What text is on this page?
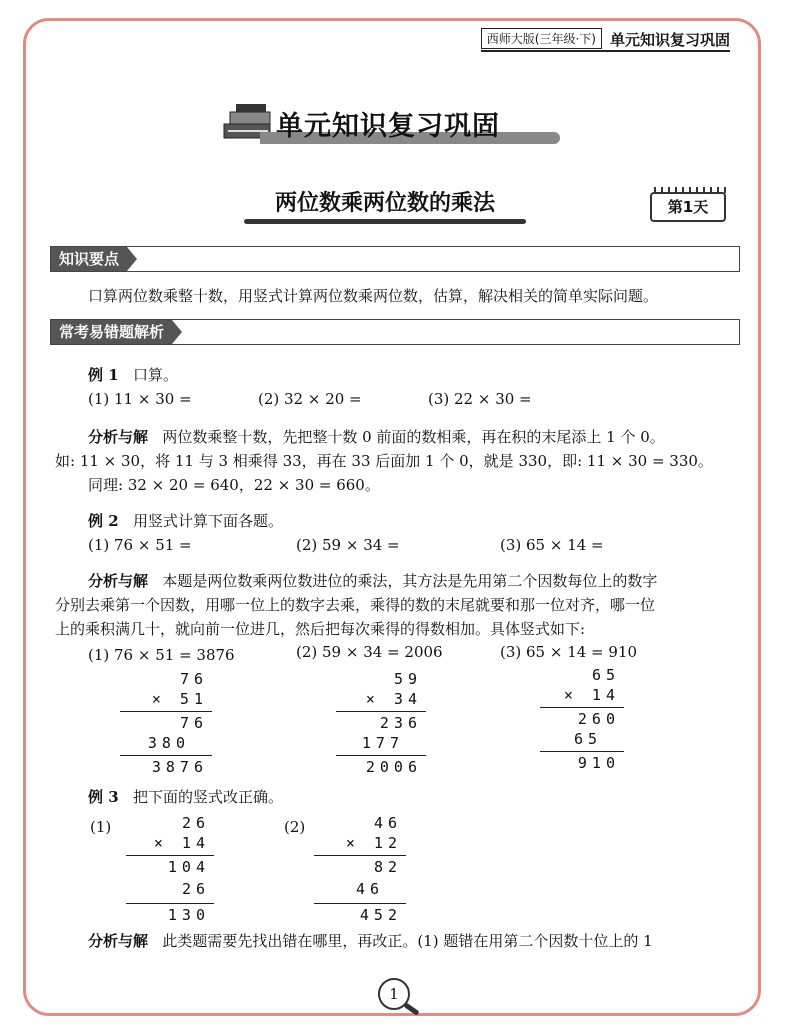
西师大版(三年级·下) 单元知识复习巩固
单元知识复习巩固
两位数乘两位数的乘法	第1天
知识要点
口算两位数乘整十数，用竖式计算两位数乘两位数，估算，解决相关的简单实际问题。
常考易错题解析
例 1 口算。
(1) 11 × 30 =	(2) 32 × 20 =	(3) 22 × 30 =
分析与解 两位数乘整十数，先把整十数 0 前面的数相乘，再在积的末尾添上 1 个 0。
如: 11 × 30，将 11 与 3 相乘得 33，再在 33 后面加 1 个 0，就是 330，即: 11 × 30 = 330。
同理: 32 × 20 = 640，22 × 30 = 660。
例 2 用竖式计算下面各题。
(1) 76 × 51 =	(2) 59 × 34 =	(3) 65 × 14 =
分析与解 本题是两位数乘两位数进位的乘法，其方法是先用第二个因数每位上的数字
分别去乘第一个因数，用哪一位上的数字去乘，乘得的数的末尾就要和那一位对齐，哪一位
上的乘积满几十，就向前一位进几，然后把每次乘得的得数相加。具体竖式如下:
(1) 76 × 51 = 3876	(2) 59 × 34 = 2006	(3) 65 × 14 = 910
76
× 51
76
380
3876
59
× 34
236
177
2006
65
× 14
260
65
910
例 3 把下面的竖式改正确。
(1)	(2)
26
× 14
104
26
130
46
× 12
82
46
452
分析与解 此类题需要先找出错在哪里，再改正。(1) 题错在用第二个因数十位上的 1
1
